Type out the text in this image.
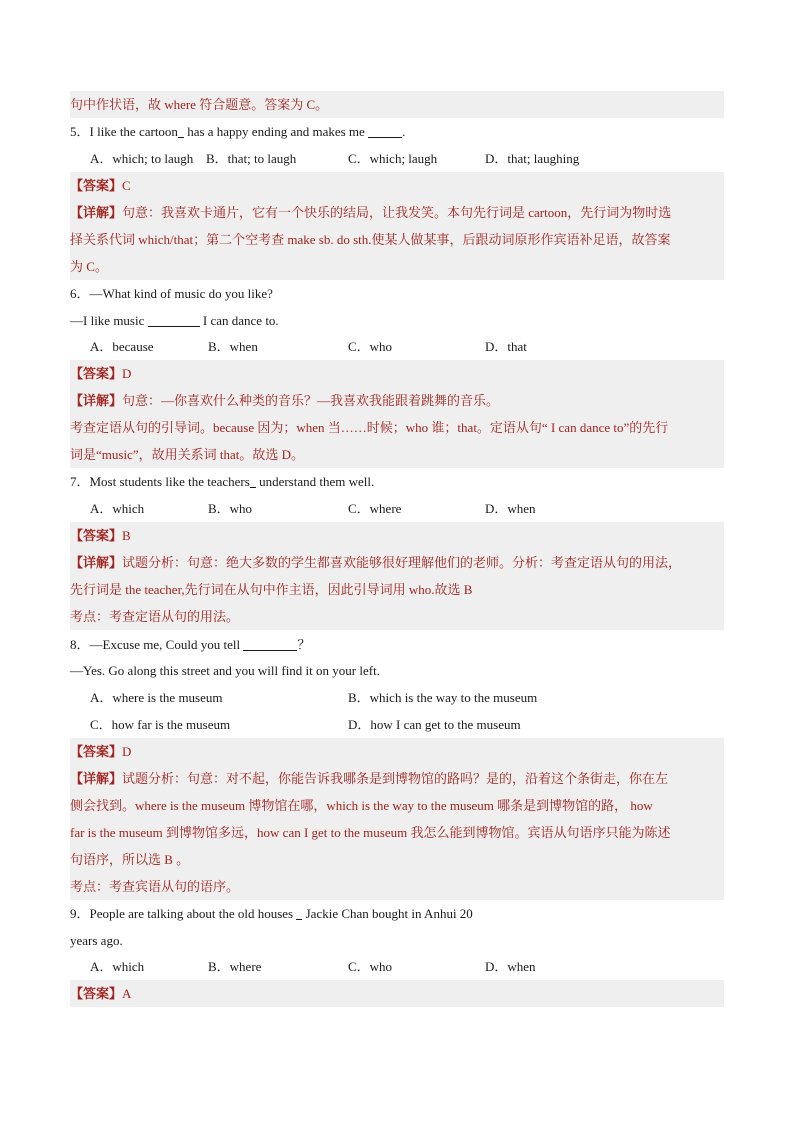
句中作状语，故 where 符合题意。答案为 C。
5．I like the cartoon has a happy ending and makes me	.
A．which; to laugh B．that; to laugh	C．which; laugh	D．that; laughing
【答案】C
【详解】句意：我喜欢卡通片，它有一个快乐的结局，让我发笑。本句先行词是 cartoon，先行词为物时选
择关系代词 which/that；第二个空考查 make sb. do sth.使某人做某事，后跟动词原形作宾语补足语，故答案
为 C。
6．—What kind of music do you like?
—I like music	I can dance to.
A．because	B．when	C．who	D．that
【答案】D
【详解】句意：—你喜欢什么种类的音乐？—我喜欢我能跟着跳舞的音乐。
考查定语从句的引导词。because 因为；when 当……时候；who 谁；that。定语从句“ I can dance to”的先行
词是“music”，故用关系词 that。故选 D。
7．Most students like the teachers understand them well.
A．which	B．who	C．where	D．when
【答案】B
【详解】试题分析：句意：绝大多数的学生都喜欢能够很好理解他们的老师。分析：考查定语从句的用法，
先行词是 the teacher,先行词在从句中作主语，因此引导词用 who.故选 B
考点：考查定语从句的用法。
8．—Excuse me, Could you tell	？
—Yes. Go along this street and you will find it on your left.
A．where is the museum	B．which is the way to the museum
C．how far is the museum	D．how I can get to the museum
【答案】D
【详解】试题分析：句意：对不起，你能告诉我哪条是到博物馆的路吗？是的，沿着这个条街走，你在左
侧会找到。where is the museum 博物馆在哪，which is the way to the museum 哪条是到博物馆的路， how
far is the museum 到博物馆多远，how can I get to the museum 我怎么能到博物馆。宾语从句语序只能为陈述
句语序，所以选 B 。
考点：考查宾语从句的语序。
9．People are talking about the old houses  Jackie Chan bought in Anhui 20
years ago.
A．which	B．where	C．who	D．when
【答案】A
